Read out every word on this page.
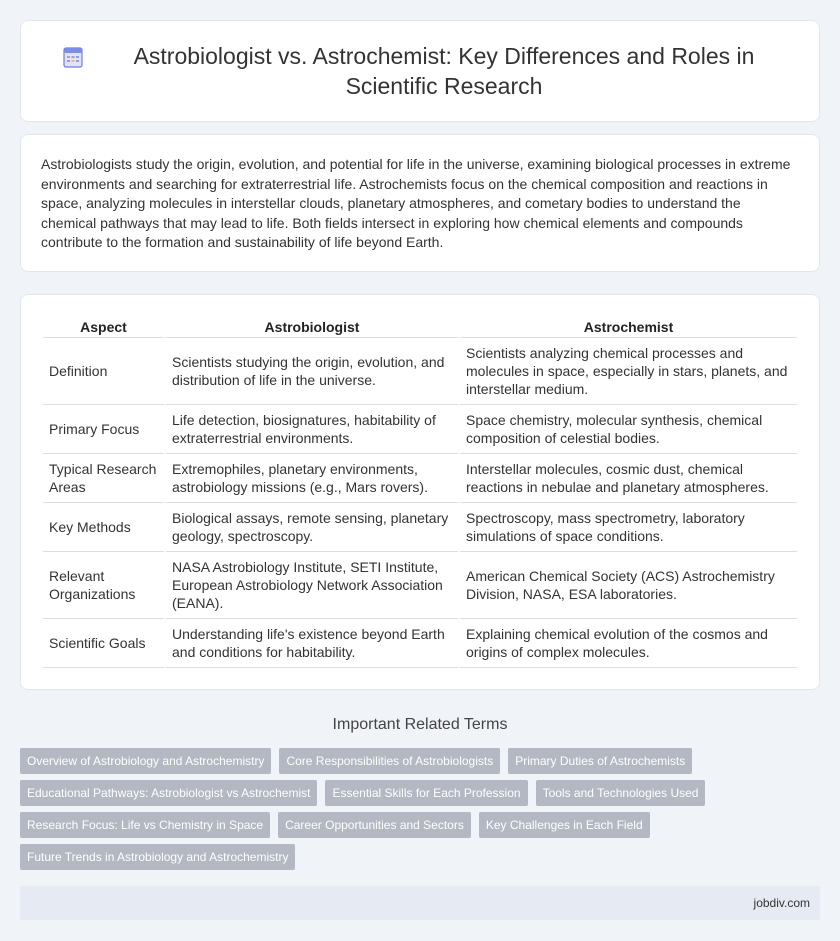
Astrobiologist vs. Astrochemist: Key Differences and Roles in Scientific Research

Astrobiologists study the origin, evolution, and potential for life in the universe, examining biological processes in extreme environments and searching for extraterrestrial life. Astrochemists focus on the chemical composition and reactions in space, analyzing molecules in interstellar clouds, planetary atmospheres, and cometary bodies to understand the chemical pathways that may lead to life. Both fields intersect in exploring how chemical elements and compounds contribute to the formation and sustainability of life beyond Earth.

Aspect	Astrobiologist	Astrochemist
Definition	Scientists studying the origin, evolution, and distribution of life in the universe.	Scientists analyzing chemical processes and molecules in space, especially in stars, planets, and interstellar medium.
Primary Focus	Life detection, biosignatures, habitability of extraterrestrial environments.	Space chemistry, molecular synthesis, chemical composition of celestial bodies.
Typical Research Areas	Extremophiles, planetary environments, astrobiology missions (e.g., Mars rovers).	Interstellar molecules, cosmic dust, chemical reactions in nebulae and planetary atmospheres.
Key Methods	Biological assays, remote sensing, planetary geology, spectroscopy.	Spectroscopy, mass spectrometry, laboratory simulations of space conditions.
Relevant Organizations	NASA Astrobiology Institute, SETI Institute, European Astrobiology Network Association (EANA).	American Chemical Society (ACS) Astrochemistry Division, NASA, ESA laboratories.
Scientific Goals	Understanding life's existence beyond Earth and conditions for habitability.	Explaining chemical evolution of the cosmos and origins of complex molecules.
Important Related Terms
Overview of Astrobiology and Astrochemistry	Core Responsibilities of Astrobiologists	Primary Duties of Astrochemists
Educational Pathways: Astrobiologist vs Astrochemist	Essential Skills for Each Profession	Tools and Technologies Used
Research Focus: Life vs Chemistry in Space	Career Opportunities and Sectors	Key Challenges in Each Field
Future Trends in Astrobiology and Astrochemistry
jobdiv.com
